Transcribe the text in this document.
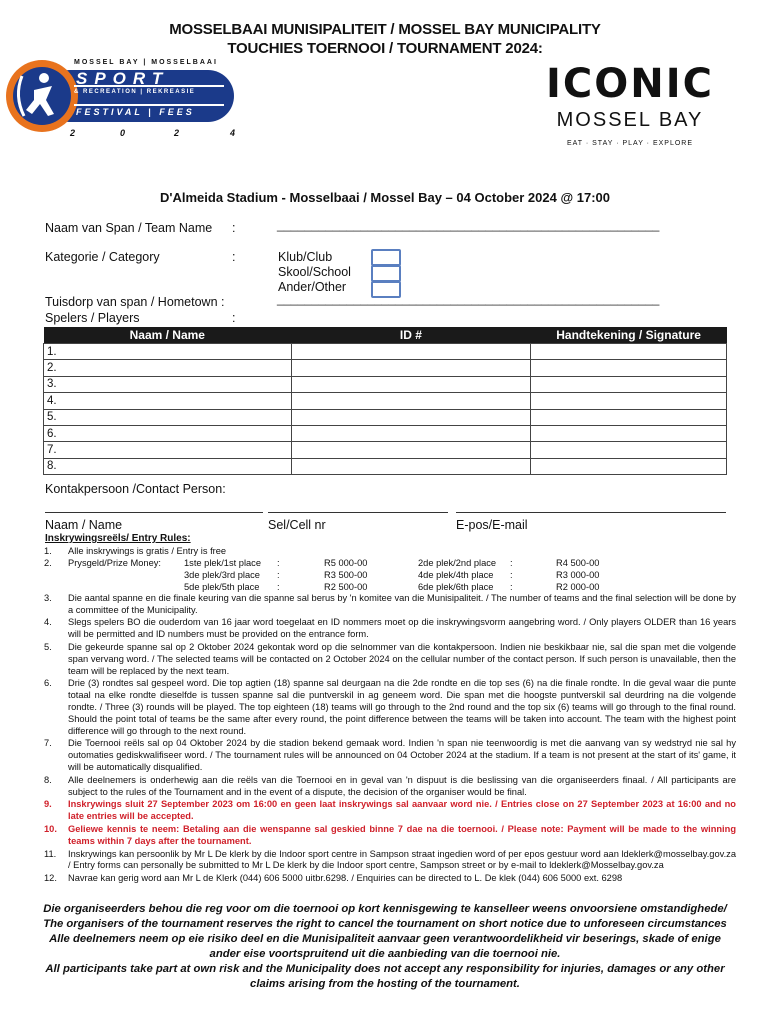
MOSSELBAAI MUNISIPALITEIT / MOSSEL BAY MUNICIPALITY
TOUCHIES TOERNOOI / TOURNAMENT 2024:
MOSSEL BAY | MOSSELBAAI
SPORT
& RECREATION | REKREASIE
FESTIVAL | FEES
2	0	2	4
ICONIC
MOSSEL BAY
EAT · STAY · PLAY · EXPLORE
D'Almeida Stadium - Mosselbaai / Mossel Bay – 04 October 2024 @ 17:00
Naam van Span / Team Name :	_______________________________________________________
Kategorie / Category	:	Klub/Club
Skool/School
Ander/Other
Tuisdorp van span / Hometown :	_______________________________________________________
Spelers / Players	:
Naam / Name	ID #	Handtekening / Signature
1.		
2.		
3.		
4.		
5.		
6.		
7.		
8.		
Kontakpersoon /Contact Person:
Naam / Name	Sel/Cell nr	E-pos/E-mail
Inskrywingsreëls/ Entry Rules:
1.	Alle inskrywings is gratis / Entry is free
2.	Prysgeld/Prize Money:
3.	Die aantal spanne en die finale keuring van die spanne sal berus by 'n komitee van die Munisipaliteit. / The number of teams and the final selection will be done by a committee of the Municipality.
4.	Slegs spelers BO die ouderdom van 16 jaar word toegelaat en ID nommers moet op die inskrywingsvorm aangebring word. / Only players OLDER than 16 years will be permitted and ID numbers must be provided on the entrance form.
5.	Die gekeurde spanne sal op 2 Oktober 2024 gekontak word op die selnommer van die kontakpersoon. Indien nie beskikbaar nie, sal die span met die volgende span vervang word. / The selected teams will be contacted on 2 October 2024 on the cellular number of the contact person. If such person is unavailable, then the team will be replaced by the next team.
6.	Drie (3) rondtes sal gespeel word. Die top agtien (18) spanne sal deurgaan na die 2de rondte en die top ses (6) na die finale rondte. In die geval waar die punte totaal na elke rondte dieselfde is tussen spanne sal die puntverskil in ag geneem word. Die span met die hoogste puntverskil sal deurdring na die volgende rondte. / Three (3) rounds will be played. The top eighteen (18) teams will go through to the 2nd round and the top six (6) teams will go through to the final round. Should the point total of teams be the same after every round, the point difference between the teams will be taken into account. The team with the highest point difference will go through to the next round.
7.	Die Toernooi reëls sal op 04 Oktober 2024 by die stadion bekend gemaak word. Indien 'n span nie teenwoordig is met die aanvang van sy wedstryd nie sal hy outomaties gediskwalifiseer word. / The tournament rules will be announced on 04 October 2024 at the stadium. If a team is not present at the start of its' game, it will be automatically disqualified.
8.	Alle deelnemers is onderhewig aan die reëls van die Toernooi en in geval van 'n dispuut is die beslissing van die organiseerders finaal. / All participants are subject to the rules of the Tournament and in the event of a dispute, the decision of the organiser would be final.
9.	Inskrywings sluit 27 September 2023 om 16:00 en geen laat inskrywings sal aanvaar word nie. / Entries close on 27 September 2023 at 16:00 and no late entries will be accepted.
10.	Geliewe kennis te neem: Betaling aan die wenspanne sal geskied binne 7 dae na die toernooi. / Please note: Payment will be made to the winning teams within 7 days after the tournament.
11.	Inskrywings kan persoonlik by Mr L De klerk by die Indoor sport centre in Sampson straat ingedien word of per epos gestuur word aan ldeklerk@mosselbay.gov.za / Entry forms can personally be submitted to Mr L De klerk by die Indoor sport centre, Sampson street or by e-mail to ldeklerk@Mosselbay.gov.za
12.	Navrae kan gerig word aan Mr L de Klerk (044) 606 5000 uitbr.6298. / Enquiries can be directed to L. De klek (044) 606 5000 ext. 6298
1ste plek/1st place :	R5 000-00	2de plek/2nd place :	R4 500-00
3de plek/3rd place :	R3 500-00	4de plek/4th place :	R3 000-00
5de plek/5th place :	R2 500-00	6de plek/6th place :	R2 000-00
Die organiseerders behou die reg voor om die toernooi op kort kennisgewing te kanselleer weens onvoorsiene omstandighede/
The organisers of the tournament reserves the right to cancel the tournament on short notice due to unforeseen circumstances
Alle deelnemers neem op eie risiko deel en die Munisipaliteit aanvaar geen verantwoordelikheid vir beserings, skade of enige
ander eise voortspruitend uit die aanbieding van die toernooi nie.
All participants take part at own risk and the Municipality does not accept any responsibility for injuries, damages or any other
claims arising from the hosting of the tournament.
